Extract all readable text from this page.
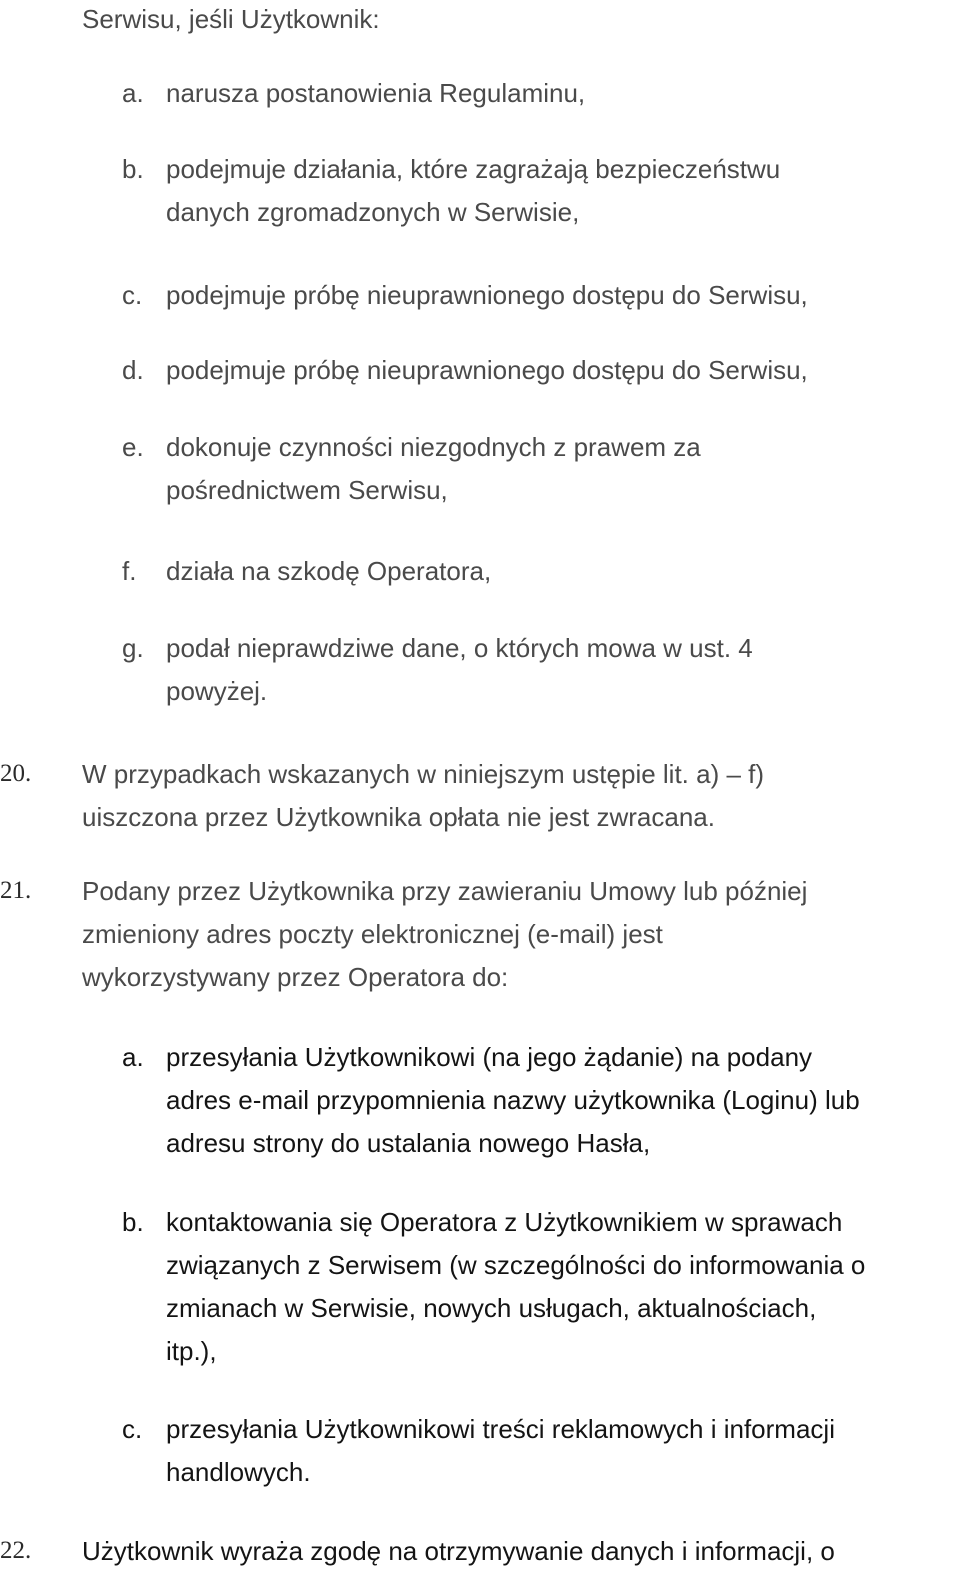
Serwisu, jeśli Użytkownik:
a. narusza postanowienia Regulaminu,
b. podejmuje działania, które zagrażają bezpieczeństwu
danych zgromadzonych w Serwisie,
c. podejmuje próbę nieuprawnionego dostępu do Serwisu,
d. podejmuje próbę nieuprawnionego dostępu do Serwisu,
e. dokonuje czynności niezgodnych z prawem za
pośrednictwem Serwisu,
f. działa na szkodę Operatora,
g. podał nieprawdziwe dane, o których mowa w ust. 4
powyżej.
20. W przypadkach wskazanych w niniejszym ustępie lit. a) – f)
uiszczona przez Użytkownika opłata nie jest zwracana.
21. Podany przez Użytkownika przy zawieraniu Umowy lub później
zmieniony adres poczty elektronicznej (e-mail) jest
wykorzystywany przez Operatora do:
a. przesyłania Użytkownikowi (na jego żądanie) na podany
adres e-mail przypomnienia nazwy użytkownika (Loginu) lub
adresu strony do ustalania nowego Hasła,
b. kontaktowania się Operatora z Użytkownikiem w sprawach
związanych z Serwisem (w szczególności do informowania o
zmianach w Serwisie, nowych usługach, aktualnościach,
itp.),
c. przesyłania Użytkownikowi treści reklamowych i informacji
handlowych.
22. Użytkownik wyraża zgodę na otrzymywanie danych i informacji, o
